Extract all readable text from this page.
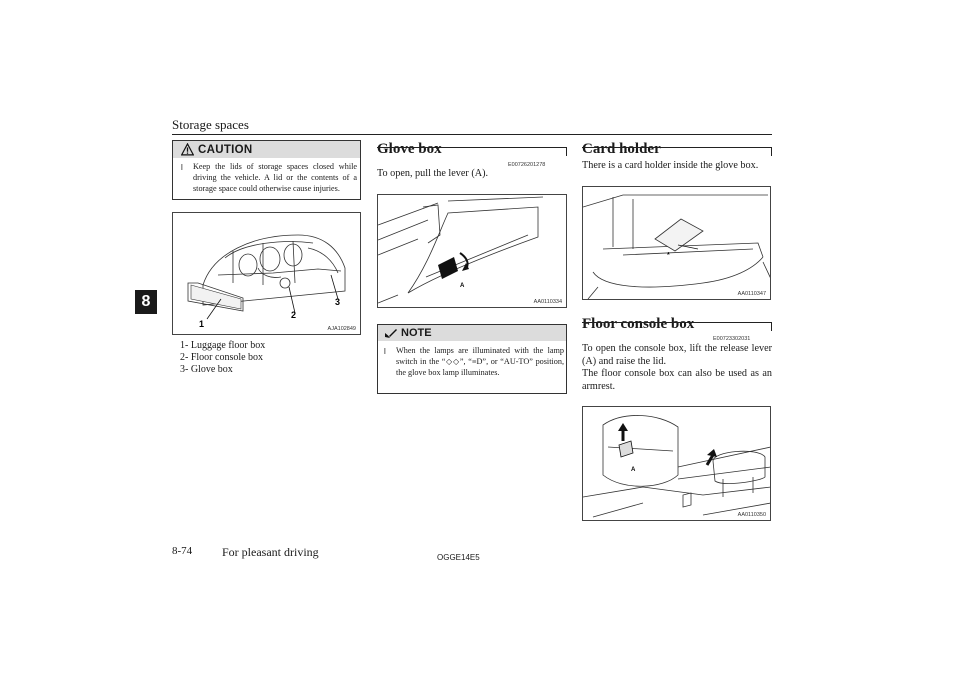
Storage spaces
8
CAUTION
l	Keep the lids of storage spaces closed while driving the vehicle. A lid or the contents of a storage space could otherwise cause injuries.
1
2
3
AJA102849
1- Luggage floor box
2- Floor console box
3- Glove box
Glove box
E00726201278
To open, pull the lever (A).
A
AA0110334
NOTE
l	When the lamps are illuminated with the lamp switch in the “◇◇”, “≡D”, or “AU-TO” position, the glove box lamp illuminates.
Card holder
There is a card holder inside the glove box.
*
AA0110347
Floor console box
E00723302031
To open the console box, lift the release lever (A) and raise the lid.
The floor console box can also be used as an armrest.
A
AA0110350
8-74 For pleasant driving	OGGE14E5
